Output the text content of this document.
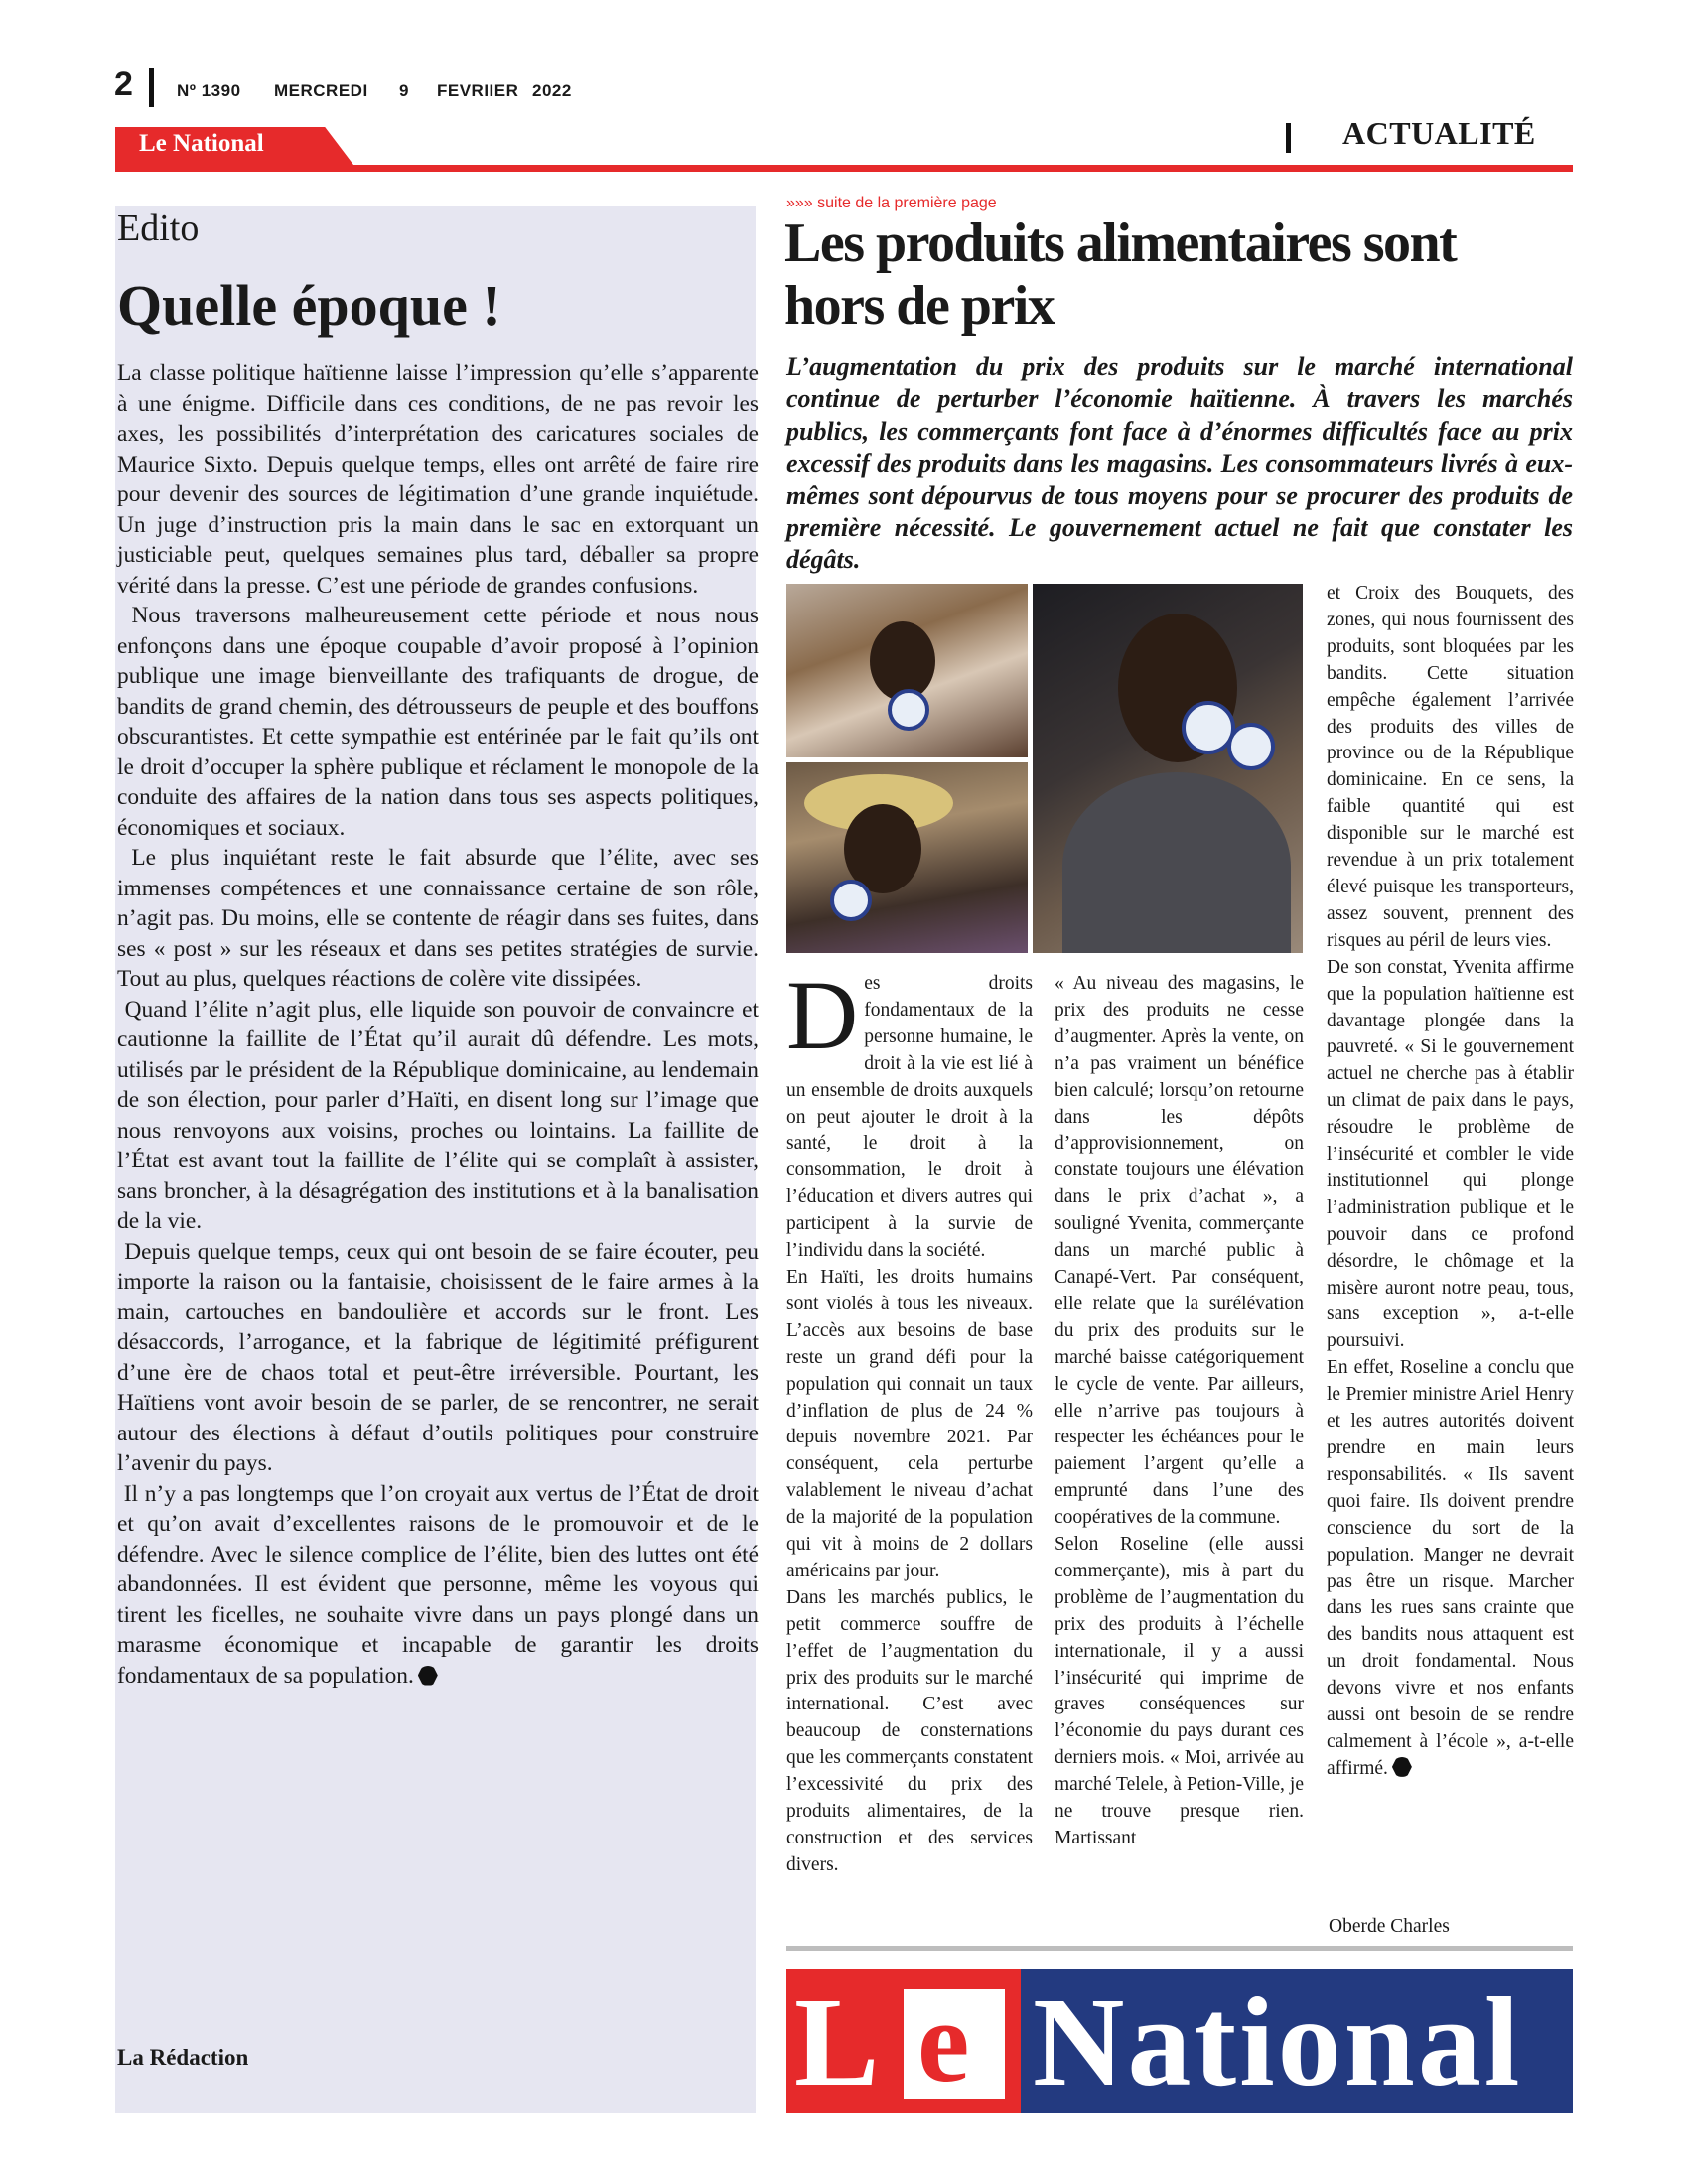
2	Nº 1390 MERCREDI 9 FEVRIIER 2022
Le National	ACTUALITÉ
Edito
Quelle époque !

La classe politique haïtienne laisse l’impression qu’elle s’apparente à une énigme. Difficile dans ces conditions, de ne pas revoir les axes, les possibilités d’interprétation des caricatures sociales de Maurice Sixto. Depuis quelque temps, elles ont arrêté de faire rire pour devenir des sources de légitimation d’une grande inquiétude. Un juge d’instruction pris la main dans le sac en extorquant un justiciable peut, quelques semaines plus tard, déballer sa propre vérité dans la presse. C’est une période de grandes confusions.

Nous traversons malheureusement cette période et nous nous enfonçons dans une époque coupable d’avoir proposé à l’opinion publique une image bienveillante des trafiquants de drogue, de bandits de grand chemin, des détrousseurs de peuple et des bouffons obscurantistes. Et cette sympathie est entérinée par le fait qu’ils ont le droit d’occuper la sphère publique et réclament le monopole de la conduite des affaires de la nation dans tous ses aspects politiques, économiques et sociaux.

Le plus inquiétant reste le fait absurde que l’élite, avec ses immenses compétences et une connaissance certaine de son rôle, n’agit pas. Du moins, elle se contente de réagir dans ses fuites, dans ses « post » sur les réseaux et dans ses petites stratégies de survie. Tout au plus, quelques réactions de colère vite dissipées.

Quand l’élite n’agit plus, elle liquide son pouvoir de convaincre et cautionne la faillite de l’État qu’il aurait dû défendre. Les mots, utilisés par le président de la République dominicaine, au lendemain de son élection, pour parler d’Haïti, en disent long sur l’image que nous renvoyons aux voisins, proches ou lointains. La faillite de l’État est avant tout la faillite de l’élite qui se complaît à assister, sans broncher, à la désagrégation des institutions et à la banalisation de la vie.

Depuis quelque temps, ceux qui ont besoin de se faire écouter, peu importe la raison ou la fantaisie, choisissent de le faire armes à la main, cartouches en bandoulière et accords sur le front. Les désaccords, l’arrogance, et la fabrique de légitimité préfigurent d’une ère de chaos total et peut-être irréversible. Pourtant, les Haïtiens vont avoir besoin de se parler, de se rencontrer, ne serait autour des élections à défaut d’outils politiques pour construire l’avenir du pays.

Il n’y a pas longtemps que l’on croyait aux vertus de l’État de droit et qu’on avait d’excellentes raisons de le promouvoir et de le défendre. Avec le silence complice de l’élite, bien des luttes ont été abandonnées. Il est évident que personne, même les voyous qui tirent les ficelles, ne souhaite vivre dans un pays plongé dans un marasme économique et incapable de garantir les droits fondamentaux de sa population.

La Rédaction
»»» suite de la première page
Les produits alimentaires sont
hors de prix
L’augmentation du prix des produits sur le marché international continue de perturber l’économie haïtienne. À travers les marchés publics, les commerçants font face à d’énormes difficultés face au prix excessif des produits dans les magasins. Les consommateurs livrés à eux-mêmes sont dépourvus de tous moyens pour se procurer des produits de première nécessité. Le gouvernement actuel ne fait que constater les dégâts.
D es droits fondamentaux de la personne humaine, le droit à la vie est lié à un ensemble de droits auxquels on peut ajouter le droit à la santé, le droit à la consommation, le droit à l’éducation et divers autres qui participent à la survie de l’individu dans la société.

En Haïti, les droits humains sont violés à tous les niveaux. L’accès aux besoins de base reste un grand défi pour la population qui connait un taux d’inflation de plus de 24 % depuis novembre 2021. Par conséquent, cela perturbe valablement le niveau d’achat de la majorité de la population qui vit à moins de 2 dollars américains par jour.

Dans les marchés publics, le petit commerce souffre de l’effet de l’augmentation du prix des produits sur le marché international. C’est avec beaucoup de consternations que les commerçants constatent l’excessivité du prix des produits alimentaires, de la construction et des services divers.

« Au niveau des magasins, le prix des produits ne cesse d’augmenter. Après la vente, on n’a pas vraiment un bénéfice bien calculé; lorsqu’on retourne dans les dépôts d’approvisionnement, on constate toujours une élévation dans le prix d’achat », a souligné Yvenita, commerçante dans un marché public à Canapé-Vert. Par conséquent, elle relate que la surélévation du prix des produits sur le marché baisse catégoriquement le cycle de vente. Par ailleurs, elle n’arrive pas toujours à respecter les échéances pour le paiement l’argent qu’elle a emprunté dans l’une des coopératives de la commune.

Selon Roseline (elle aussi commerçante), mis à part du problème de l’augmentation du prix des produits à l’échelle internationale, il y a aussi l’insécurité qui imprime de graves conséquences sur l’économie du pays durant ces derniers mois. « Moi, arrivée au marché Telele, à Petion-Ville, je ne trouve presque rien. Martissant

et Croix des Bouquets, des zones, qui nous fournissent des produits, sont bloquées par les bandits. Cette situation empêche également l’arrivée des produits des villes de province ou de la République dominicaine. En ce sens, la faible quantité qui est disponible sur le marché est revendue à un prix totalement élevé puisque les transporteurs, assez souvent, prennent des risques au péril de leurs vies.

De son constat, Yvenita affirme que la population haïtienne est davantage plongée dans la pauvreté. « Si le gouvernement actuel ne cherche pas à établir un climat de paix dans le pays, résoudre le problème de l’insécurité et combler le vide institutionnel qui plonge l’administration publique et le pouvoir dans ce profond désordre, le chômage et la misère auront notre peau, tous, sans exception », a-t-elle poursuivi.

En effet, Roseline a conclu que le Premier ministre Ariel Henry et les autres autorités doivent prendre en main leurs responsabilités. « Ils savent quoi faire. Ils doivent prendre conscience du sort de la population. Manger ne devrait pas être un risque. Marcher dans les rues sans crainte que des bandits nous attaquent est un droit fondamental. Nous devons vivre et nos enfants aussi ont besoin de se rendre calmement à l’école », a-t-elle affirmé.

Oberde Charles
L e National
